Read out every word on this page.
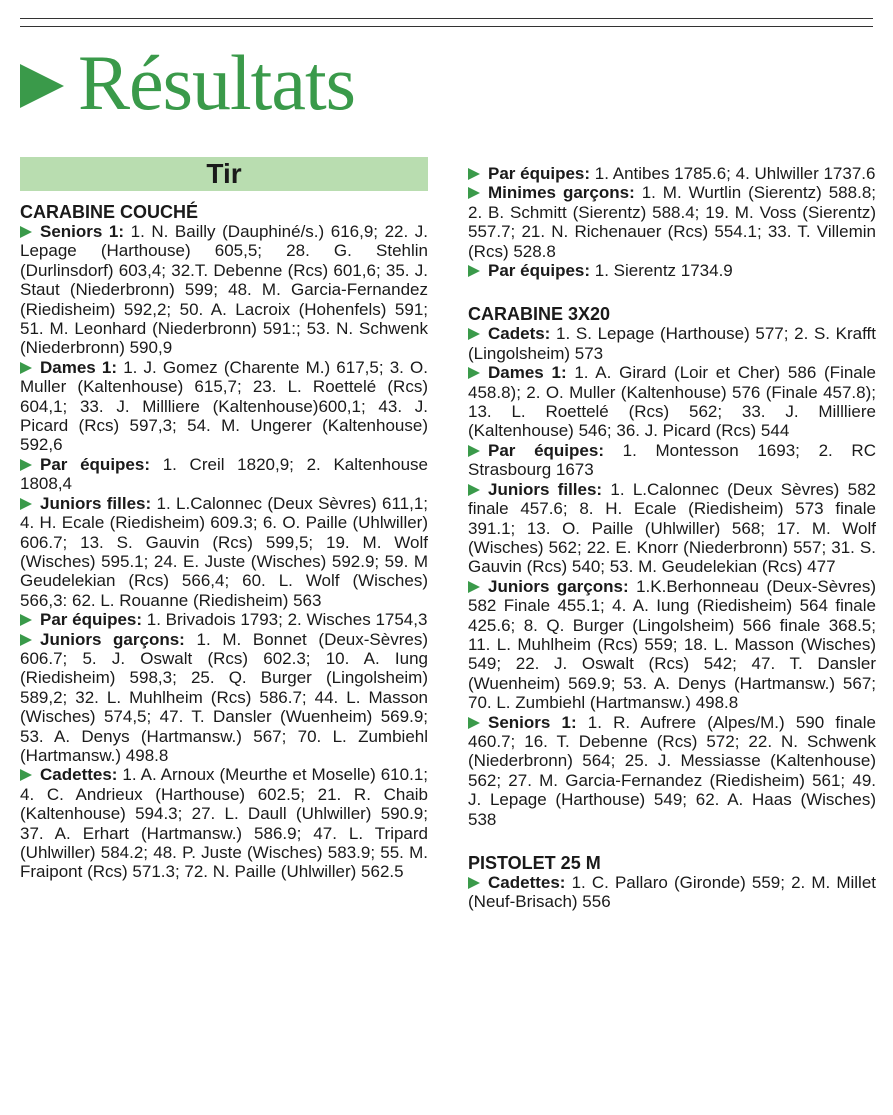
Résultats
Tir

CARABINE COUCHÉ

Seniors 1: 1. N. Bailly (Dauphiné/s.) 616,9; 22. J. Lepage (Harthouse) 605,5; 28. G. Stehlin (Durlinsdorf) 603,4; 32.T. Debenne (Rcs) 601,6; 35. J. Staut (Niederbronn) 599; 48. M. Garcia-Fernandez (Riedisheim) 592,2; 50. A. Lacroix (Hohenfels) 591; 51. M. Leonhard (Niederbronn) 591:; 53. N. Schwenk (Niederbronn) 590,9

Dames 1: 1. J. Gomez (Charente M.) 617,5; 3. O. Muller (Kaltenhouse) 615,7; 23. L. Roettelé (Rcs) 604,1; 33. J. Millliere (Kaltenhouse)600,1; 43. J. Picard (Rcs) 597,3; 54. M. Ungerer (Kaltenhouse) 592,6

Par équipes: 1. Creil 1820,9; 2. Kaltenhouse 1808,4

Juniors filles: 1. L.Calonnec (Deux Sèvres) 611,1; 4. H. Ecale (Riedisheim) 609.3; 6. O. Paille (Uhlwiller) 606.7; 13. S. Gauvin (Rcs) 599,5; 19. M. Wolf (Wisches) 595.1; 24. E. Juste (Wisches) 592.9; 59. M Geudelekian (Rcs) 566,4; 60. L. Wolf (Wisches) 566,3: 62. L. Rouanne (Riedisheim) 563

Par équipes: 1. Brivadois 1793; 2. Wisches 1754,3

Juniors garçons: 1. M. Bonnet (Deux-Sèvres) 606.7; 5. J. Oswalt (Rcs) 602.3; 10. A. Iung (Riedisheim) 598,3; 25. Q. Burger (Lingolsheim) 589,2; 32. L. Muhlheim (Rcs) 586.7; 44. L. Masson (Wisches) 574,5; 47. T. Dansler (Wuenheim) 569.9; 53. A. Denys (Hartmansw.) 567; 70. L. Zumbiehl (Hartmansw.) 498.8

Cadettes: 1. A. Arnoux (Meurthe et Moselle) 610.1; 4. C. Andrieux (Harthouse) 602.5; 21. R. Chaib (Kaltenhouse) 594.3; 27. L. Daull (Uhlwiller) 590.9; 37. A. Erhart (Hartmansw.) 586.9; 47. L. Tripard (Uhlwiller) 584.2; 48. P. Juste (Wisches) 583.9; 55. M. Fraipont (Rcs) 571.3; 72. N. Paille (Uhlwiller) 562.5

Par équipes: 1. Antibes 1785.6; 4. Uhlwiller 1737.6

Minimes garçons: 1. M. Wurtlin (Sierentz) 588.8; 2. B. Schmitt (Sierentz) 588.4; 19. M. Voss (Sierentz) 557.7; 21. N. Richenauer (Rcs) 554.1; 33. T. Villemin (Rcs) 528.8

Par équipes: 1. Sierentz 1734.9

CARABINE 3X20

Cadets: 1. S. Lepage (Harthouse) 577; 2. S. Krafft (Lingolsheim) 573

Dames 1: 1. A. Girard (Loir et Cher) 586 (Finale 458.8); 2. O. Muller (Kaltenhouse) 576 (Finale 457.8); 13. L. Roettelé (Rcs) 562; 33. J. Millliere (Kaltenhouse) 546; 36. J. Picard (Rcs) 544

Par équipes: 1. Montesson 1693; 2. RC Strasbourg 1673

Juniors filles: 1. L.Calonnec (Deux Sèvres) 582 finale 457.6; 8. H. Ecale (Riedisheim) 573 finale 391.1; 13. O. Paille (Uhlwiller) 568; 17. M. Wolf (Wisches) 562; 22. E. Knorr (Niederbronn) 557; 31. S. Gauvin (Rcs) 540; 53. M. Geudelekian (Rcs) 477

Juniors garçons: 1.K.Berhonneau (Deux-Sèvres) 582 Finale 455.1; 4. A. Iung (Riedisheim) 564 finale 425.6; 8. Q. Burger (Lingolsheim) 566 finale 368.5; 11. L. Muhlheim (Rcs) 559; 18. L. Masson (Wisches) 549; 22. J. Oswalt (Rcs) 542; 47. T. Dansler (Wuenheim) 569.9; 53. A. Denys (Hartmansw.) 567; 70. L. Zumbiehl (Hartmansw.) 498.8

Seniors 1: 1. R. Aufrere (Alpes/M.) 590 finale 460.7; 16. T. Debenne (Rcs) 572; 22. N. Schwenk (Niederbronn) 564; 25. J. Messiasse (Kaltenhouse) 562; 27. M. Garcia-Fernandez (Riedisheim) 561; 49. J. Lepage (Harthouse) 549; 62. A. Haas (Wisches) 538

PISTOLET 25 M

Cadettes: 1. C. Pallaro (Gironde) 559; 2. M. Millet (Neuf-Brisach) 556
